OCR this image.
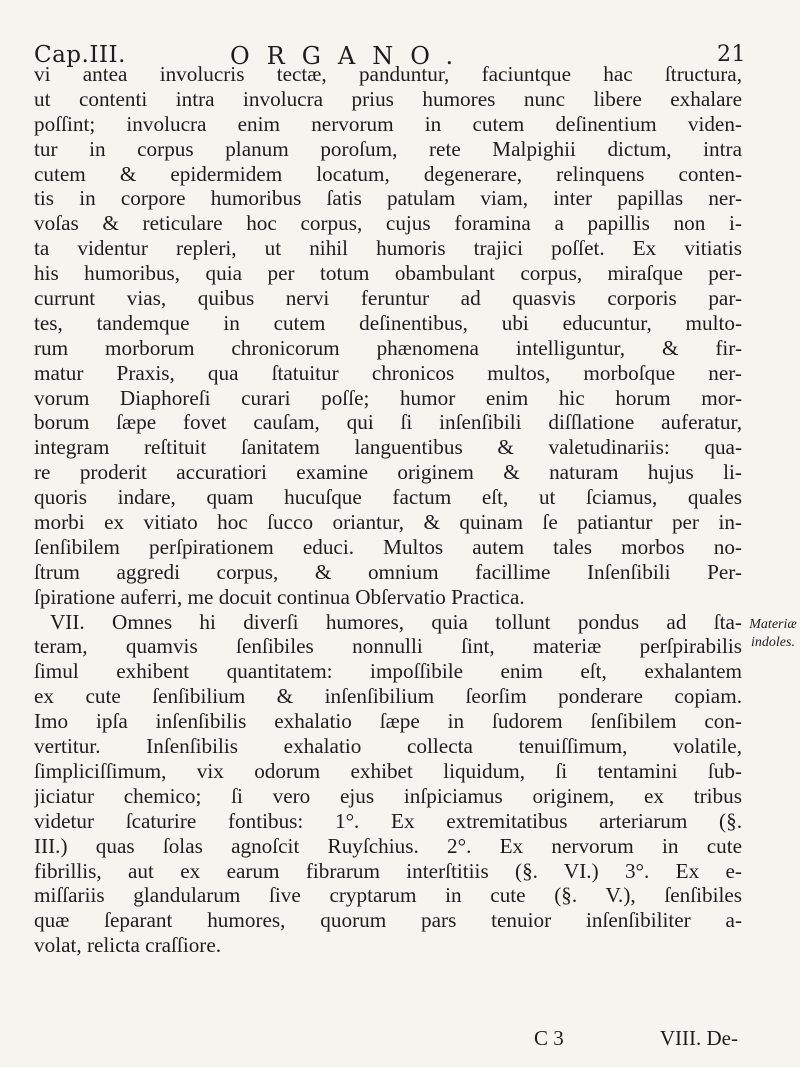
Cap.III.	ORGANO.	21
vi antea involucris tectæ, panduntur, faciuntque hac ſtructura,
ut contenti intra involucra prius humores nunc libere exhalare
poſſint; involucra enim nervorum in cutem deſinentium viden-
tur in corpus planum poroſum, rete Malpighii dictum, intra
cutem & epidermidem locatum, degenerare, relinquens conten-
tis in corpore humoribus ſatis patulam viam, inter papillas ner-
voſas & reticulare hoc corpus, cujus foramina a papillis non i-
ta videntur repleri, ut nihil humoris trajici poſſet. Ex vitiatis
his humoribus, quia per totum obambulant corpus, miraſque per-
currunt vias, quibus nervi feruntur ad quasvis corporis par-
tes, tandemque in cutem deſinentibus, ubi educuntur, multo-
rum morborum chronicorum phænomena intelliguntur, & fir-
matur Praxis, qua ſtatuitur chronicos multos, morboſque ner-
vorum Diaphoreſi curari poſſe; humor enim hic horum mor-
borum ſæpe fovet cauſam, qui ſi inſenſibili diſſlatione auferatur,
integram reſtituit ſanitatem languentibus & valetudinariis: qua-
re proderit accuratiori examine originem & naturam hujus li-
quoris indare, quam hucuſque factum eſt, ut ſciamus, quales
morbi ex vitiato hoc ſucco oriantur, & quinam ſe patiantur per in-
ſenſibilem perſpirationem educi. Multos autem tales morbos no-
ſtrum aggredi corpus, & omnium facillime Inſenſibili Per-
ſpiratione auferri, me docuit continua Obſervatio Practica.
VII. Omnes hi diverſi humores, quia tollunt pondus ad ſta-
teram, quamvis ſenſibiles nonnulli ſint, materiæ perſpirabilis
ſimul exhibent quantitatem: impoſſibile enim eſt, exhalantem
ex cute ſenſibilium & inſenſibilium ſeorſim ponderare copiam.
Imo ipſa inſenſibilis exhalatio ſæpe in ſudorem ſenſibilem con-
vertitur. Inſenſibilis exhalatio collecta tenuiſſimum, volatile,
ſimpliciſſimum, vix odorum exhibet liquidum, ſi tentamini ſub-
jiciatur chemico; ſi vero ejus inſpiciamus originem, ex tribus
videtur ſcaturire fontibus: 1°. Ex extremitatibus arteriarum (§.
III.) quas ſolas agnoſcit Ruyſchius. 2°. Ex nervorum in cute
fibrillis, aut ex earum fibrarum interſtitiis (§. VI.) 3°. Ex e-
miſſariis glandularum ſive cryptarum in cute (§. V.), ſenſibiles
quæ ſeparant humores, quorum pars tenuior inſenſibiliter a-
volat, relicta craſſiore.
Materiæ
indoles.
C 3	VIII. De-
